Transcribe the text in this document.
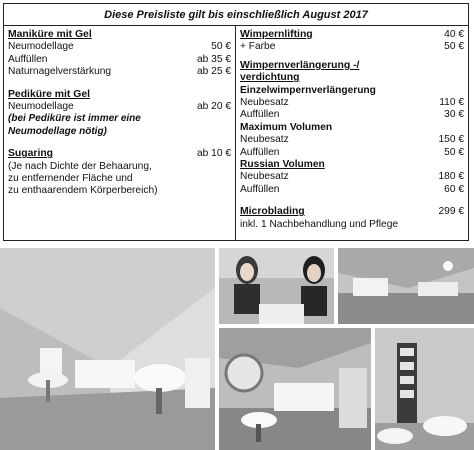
Diese Preisliste gilt bis einschließlich August 2017
Maniküre mit Gel
Neumodellage	50 €
Auffüllen	ab 35 €
Naturnagelverstärkung	ab 25 €
Pediküre mit Gel
Neumodellage	ab 20 €
(bei Pediküre ist immer eine
Neumodellage nötig)
Sugaring	ab 10 €
(Je nach Dichte der Behaarung,
zu entfernender Fläche und
zu enthaarendem Körperbereich)
Wimpernlifting	40 €
+ Farbe	50 €
Wimpernverlängerung -/
verdichtung
Einzelwimpernverlängerung
Neubesatz	110 €
Auffüllen	30 €
Maximum Volumen
Neubesatz	150 €
Auffüllen	50 €
Russian Volumen
Neubesatz	180 €
Auffüllen	60 €
Microblading	299 €
inkl. 1 Nachbehandlung und Pflege
